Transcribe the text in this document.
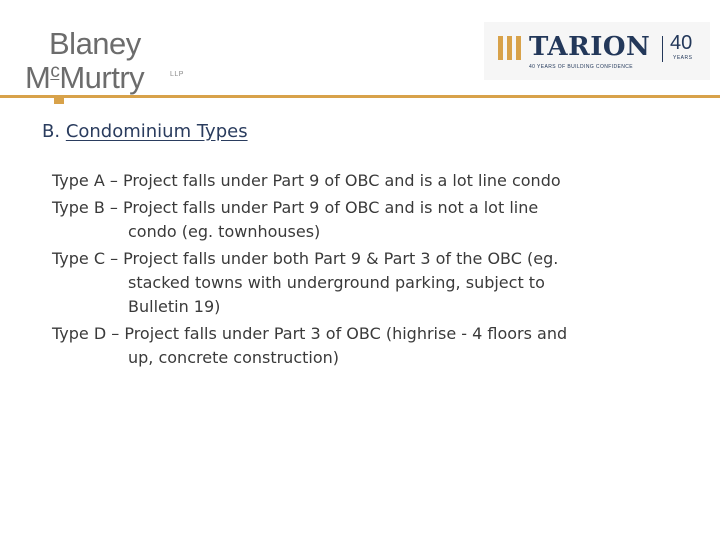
Blaney
$M^cMurtry$	LLP
TARION 40
YEARS
40 YEARS OF BUILDING CONFIDENCE
B. Condominium Types
Type A – Project falls under Part 9 of OBC and is a lot line condo
Type B – Project falls under Part 9 of OBC and is not a lot line
condo (eg. townhouses)
Type C – Project falls under both Part 9 & Part 3 of the OBC (eg.
stacked towns with underground parking, subject to
Bulletin 19)
Type D – Project falls under Part 3 of OBC (highrise - 4 floors and
up, concrete construction)
